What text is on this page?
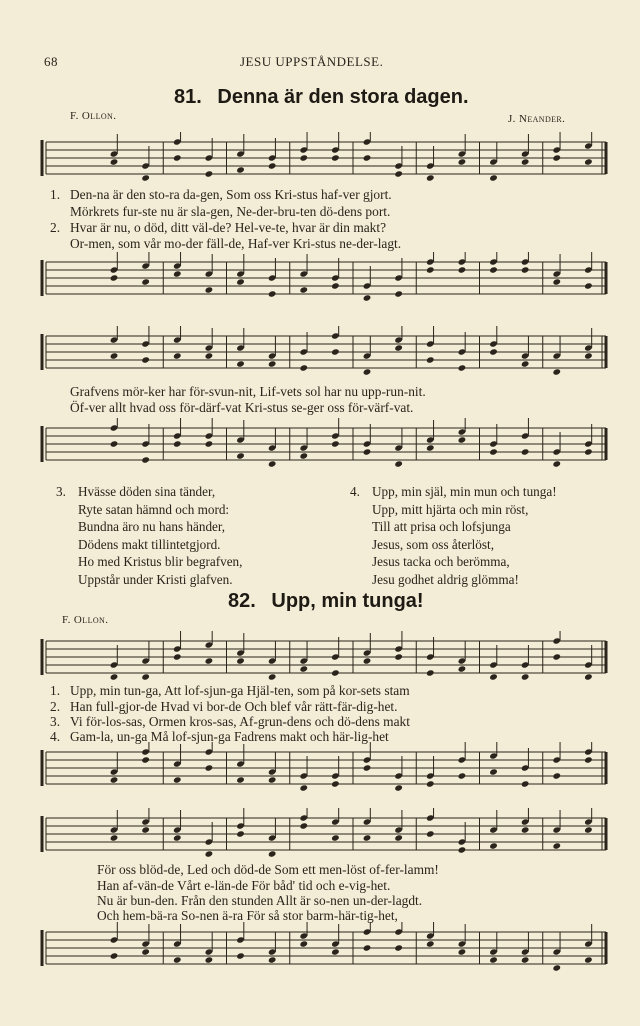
68	JESU UPPSTÅNDELSE.
81. Denna är den stora dagen.
F. Ollon.	J. Neander.
1. Den-na är den sto-ra da-gen, Som oss Kri-stus haf-ver gjort.
Mörkrets fur-ste nu är sla-gen, Ne-der-bru-ten dö-dens port.
2. Hvar är nu, o död, ditt väl-de? Hel-ve-te, hvar är din makt?
Or-men, som vår mo-der fäll-de, Haf-ver Kri-stus ne-der-lagt.
Grafvens mör-ker har för-svun-nit, Lif-vets sol har nu upp-run-nit.
Öf-ver allt hvad oss för-därf-vat Kri-stus se-ger oss för-värf-vat.
3. Hvässe döden sina tänder,
Ryte satan hämnd och mord:
Bundna äro nu hans händer,
Dödens makt tillintetgjord.
Ho med Kristus blir begrafven,
Uppstår under Kristi glafven.
4. Upp, min själ, min mun och tunga!
Upp, mitt hjärta och min röst,
Till att prisa och lofsjunga
Jesus, som oss återlöst,
Jesus tacka och berömma,
Jesu godhet aldrig glömma!
82. Upp, min tunga!
F. Ollon.
1. Upp, min tun-ga, Att lof-sjun-ga Hjäl-ten, som på kor-sets stam
2. Han full-gjor-de Hvad vi bor-de Och blef vår rätt-fär-dig-het.
3. Vi för-los-sas, Ormen kros-sas, Af-grun-dens och dö-dens makt
4. Gam-la, un-ga Må lof-sjun-ga Fadrens makt och här-lig-het
För oss blöd-de, Led och död-de Som ett men-löst of-fer-lamm!
Han af-vän-de Vårt e-län-de För båd' tid och e-vig-het.
Nu är bun-den. Från den stunden Allt är so-nen un-der-lagdt.
Och hem-bä-ra So-nen ä-ra För så stor barm-här-tig-het,
